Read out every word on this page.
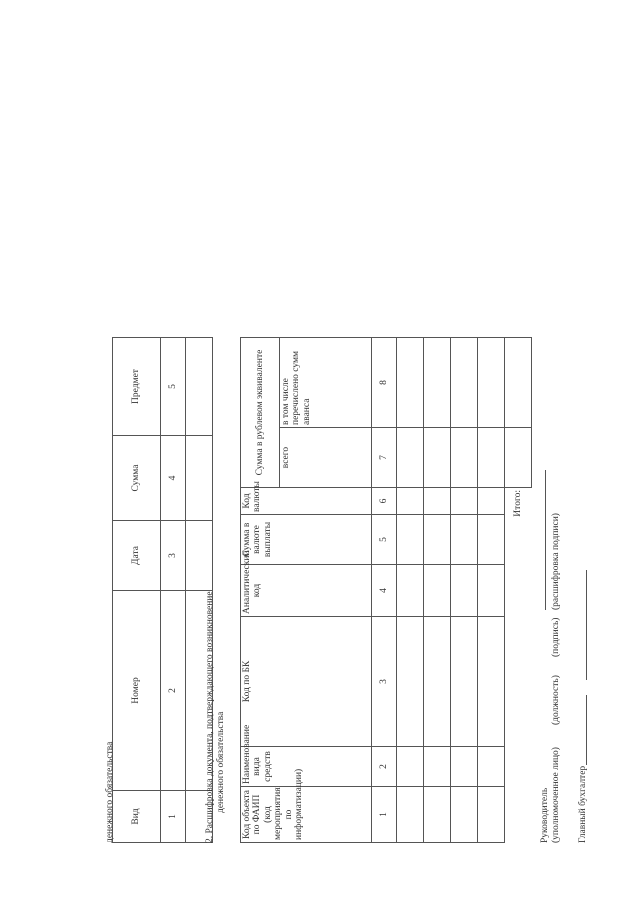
денежного обязательства Вид	Номер	Дата	Сумма	Предмет
1	2	3	4	5

2. Расшифровка документа, подтверждающего возникновение денежного обязательства
Код объекта по ФАИП (код мероприятия по информатизации)	Наименование вида средств	Код по БК	Аналитический код	Сумма в валюте выплаты	Код валюты	Сумма в рублевом эквиваленте	
						всего	в том числе перечислено сумм аванса
1	2	3	4	5	6	7	8

Итого:							
Руководитель (уполномоченное лицо)
(должность)
(подпись)
(расшифровка подписи)
Главный бухгалтер
